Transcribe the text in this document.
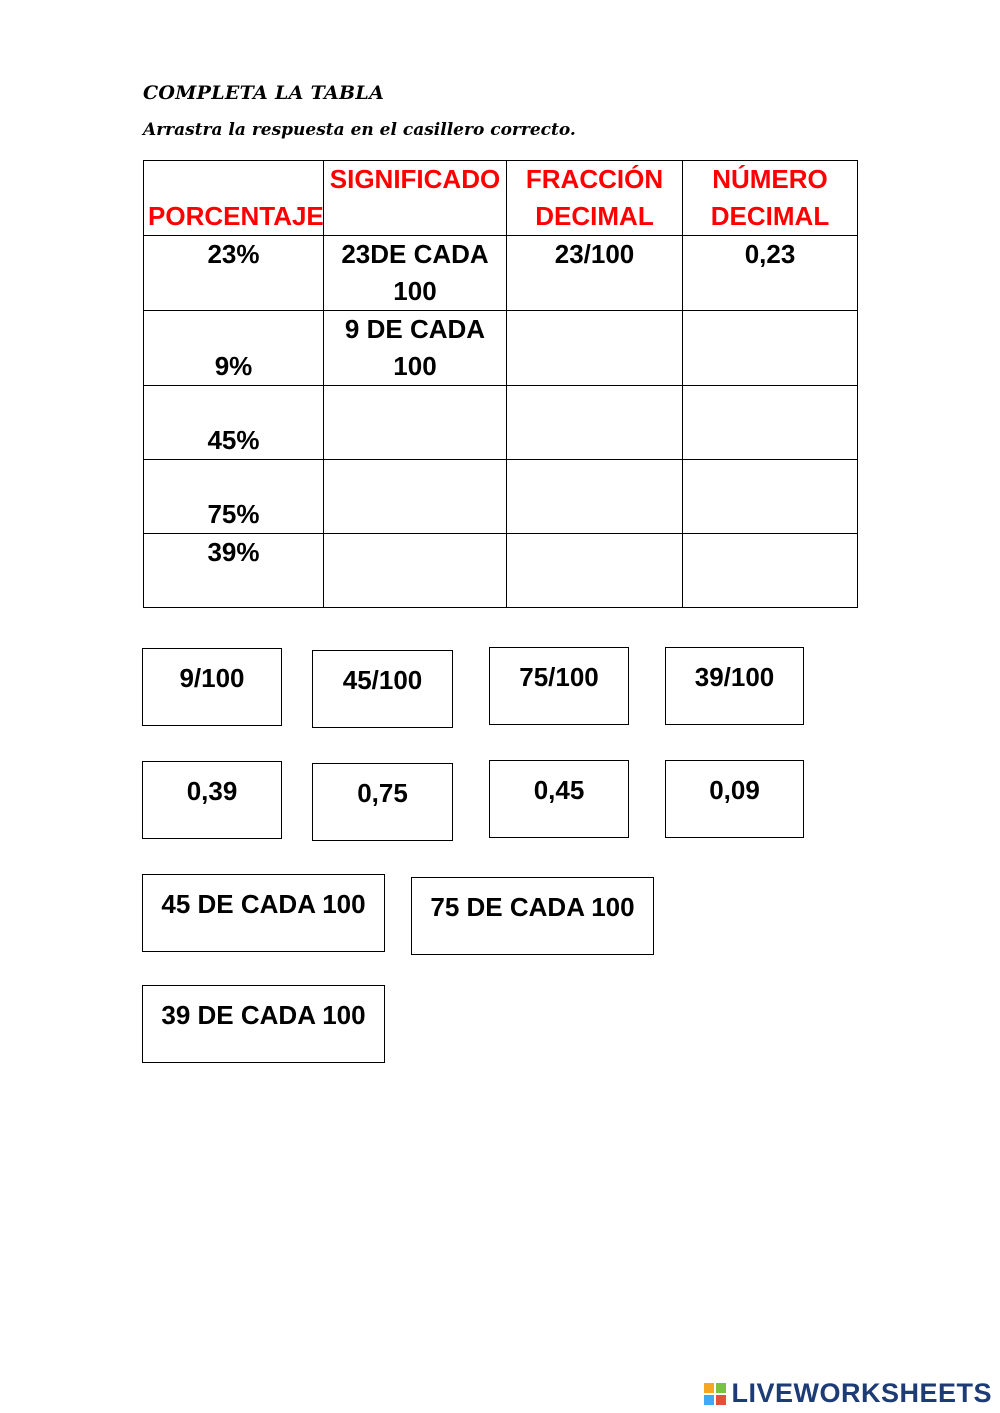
COMPLETA LA TABLA
Arrastra la respuesta en el casillero correcto.
PORCENTAJE	SIGNIFICADO	FRACCIÓN DECIMAL	NÚMERO DECIMAL
23%	23DE CADA 100	23/100	0,23
9%	9 DE CADA 100		
45%			
75%			
39%			
9/100	45/100	75/100	39/100
0,39	0,75	0,45	0,09
45 DE CADA 100	75 DE CADA 100
39 DE CADA 100
LIVEWORKSHEETS
